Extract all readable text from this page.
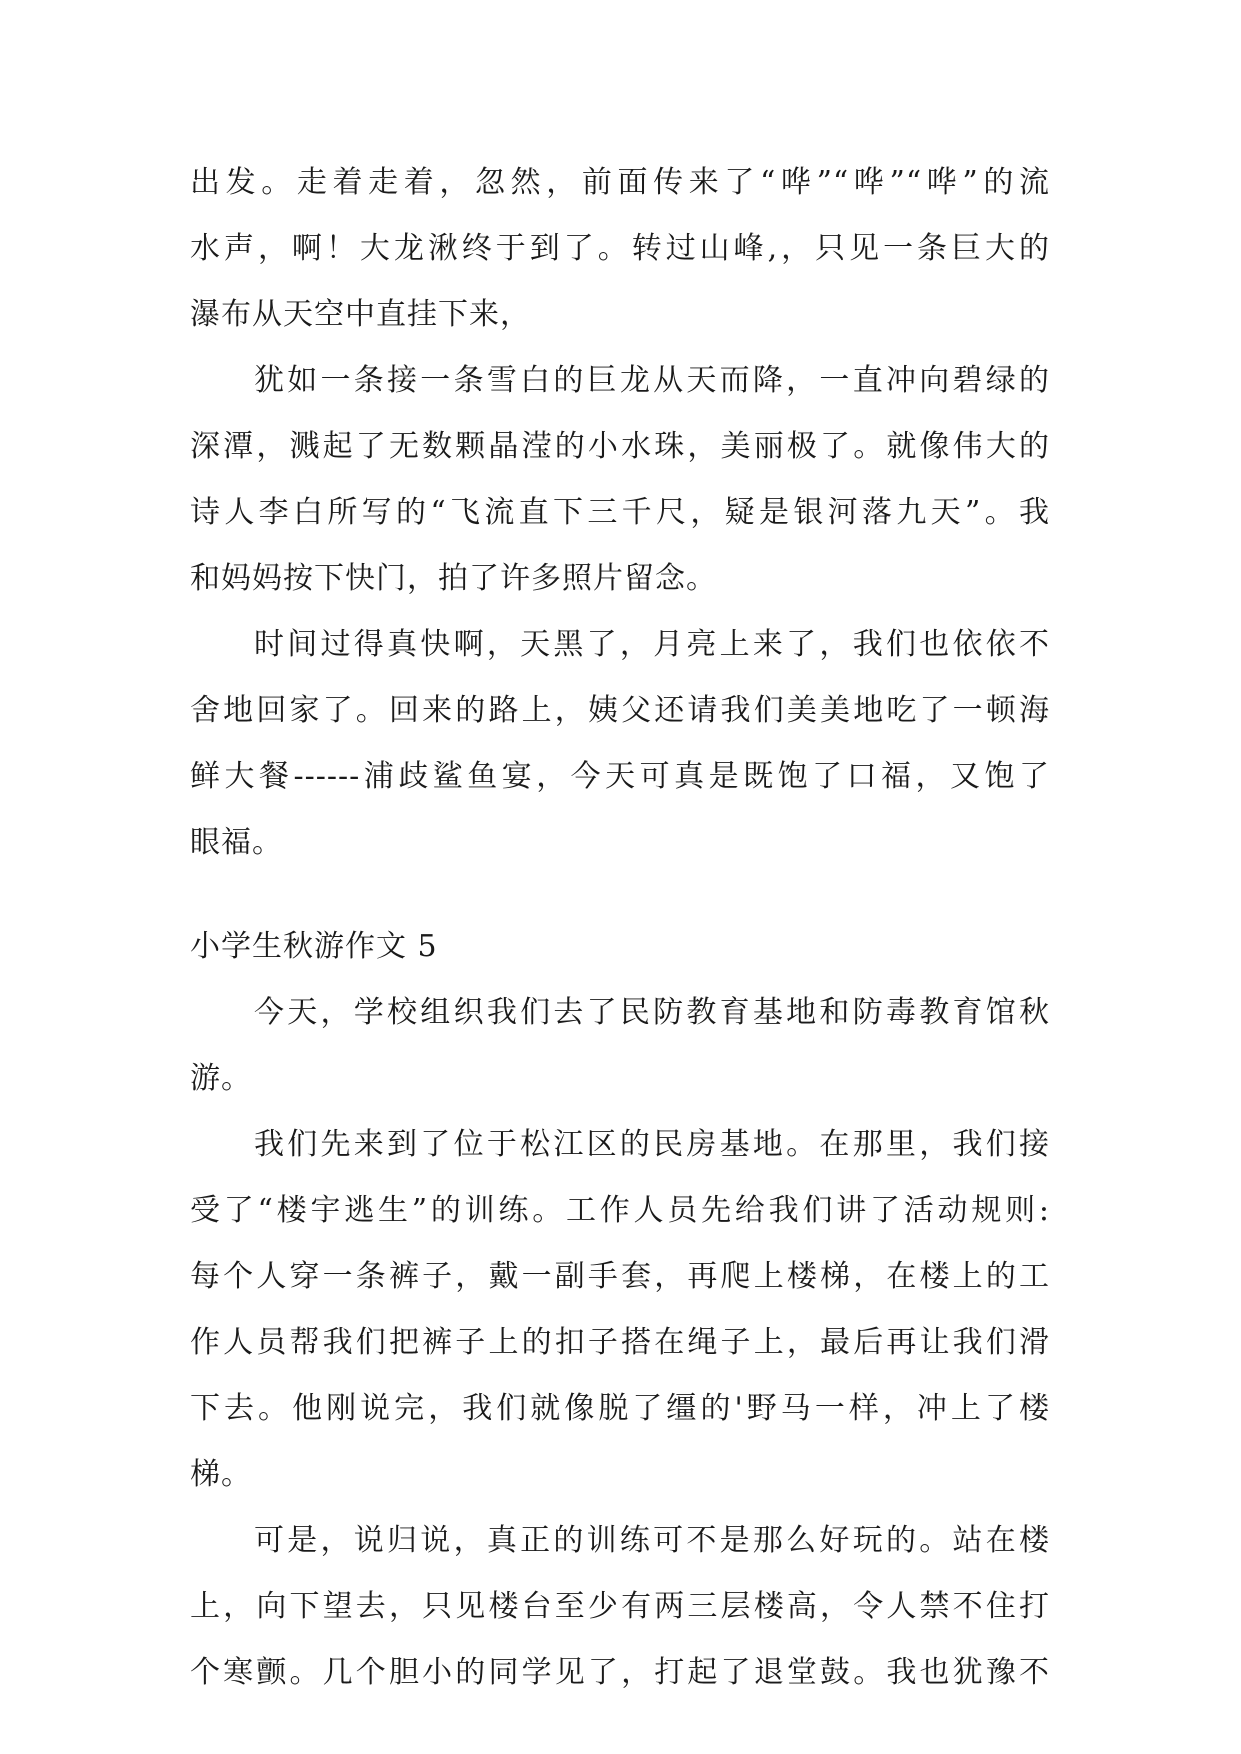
出发。走着走着，忽然，前面传来了“哗”“哗”“哗”的流
水声，啊！大龙湫终于到了。转过山峰,，只见一条巨大的
瀑布从天空中直挂下来，
犹如一条接一条雪白的巨龙从天而降，一直冲向碧绿的
深潭，溅起了无数颗晶滢的小水珠，美丽极了。就像伟大的
诗人李白所写的“飞流直下三千尺，疑是银河落九天”。我
和妈妈按下快门，拍了许多照片留念。
时间过得真快啊，天黑了，月亮上来了，我们也依依不
舍地回家了。回来的路上，姨父还请我们美美地吃了一顿海
鲜大餐------浦歧鲨鱼宴，今天可真是既饱了口福，又饱了
眼福。
小学生秋游作文 5
今天，学校组织我们去了民防教育基地和防毒教育馆秋
游。
我们先来到了位于松江区的民房基地。在那里，我们接
受了“楼宇逃生”的训练。工作人员先给我们讲了活动规则:
每个人穿一条裤子，戴一副手套，再爬上楼梯，在楼上的工
作人员帮我们把裤子上的扣子搭在绳子上，最后再让我们滑
下去。他刚说完，我们就像脱了缰的'野马一样，冲上了楼
梯。
可是，说归说，真正的训练可不是那么好玩的。站在楼
上，向下望去，只见楼台至少有两三层楼高，令人禁不住打
个寒颤。几个胆小的同学见了，打起了退堂鼓。我也犹豫不
